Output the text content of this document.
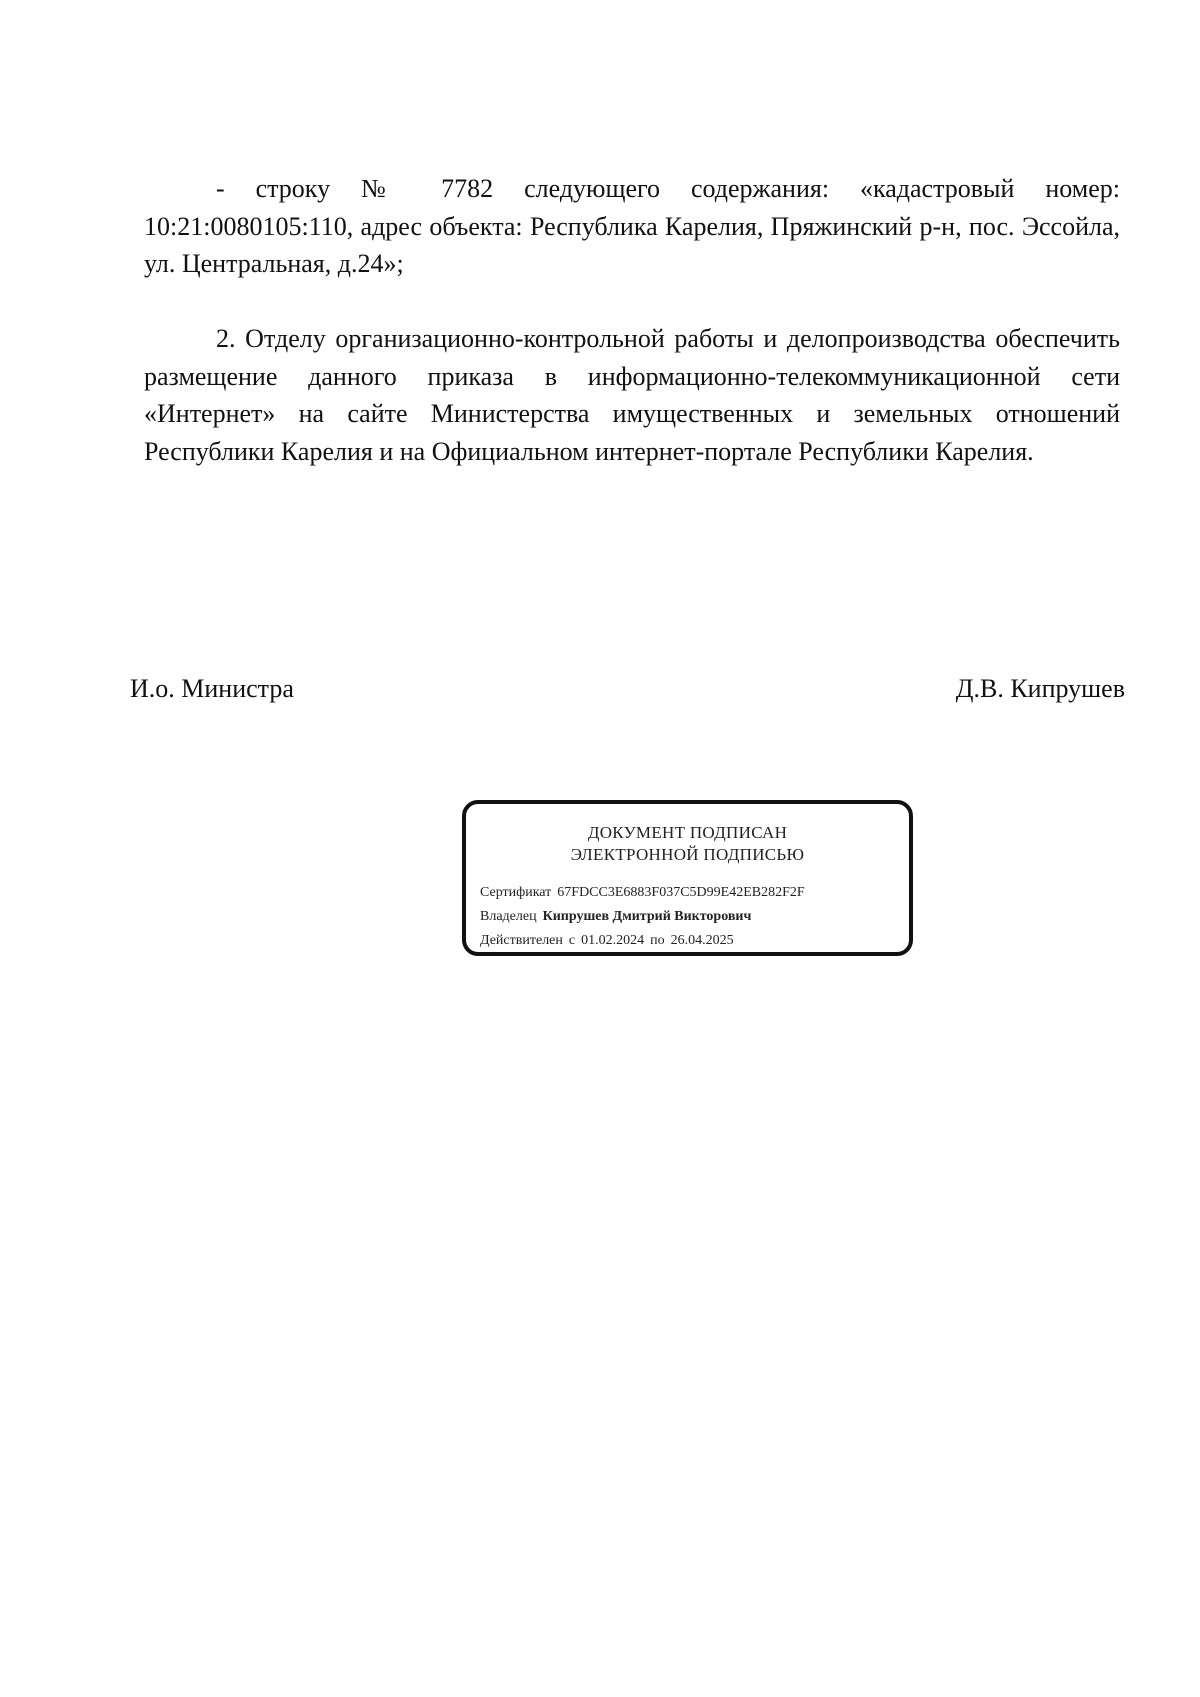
- строку № 7782 следующего содержания: «кадастровый номер: 10:21:0080105:110, адрес объекта: Республика Карелия, Пряжинский р-н, пос. Эссойла, ул. Центральная, д.24»;

2. Отделу организационно-контрольной работы и делопроизводства обеспечить размещение данного приказа в информационно-телекоммуникационной сети «Интернет» на сайте Министерства имущественных и земельных отношений Республики Карелия и на Официальном интернет-портале Республики Карелия.

И.о. Министра	Д.В. Кипрушев
ДОКУМЕНТ ПОДПИСАН
ЭЛЕКТРОННОЙ ПОДПИСЬЮ
Сертификат 67FDCC3E6883F037C5D99E42EB282F2F
Владелец Кипрушев Дмитрий Викторович
Действителен с 01.02.2024 по 26.04.2025
